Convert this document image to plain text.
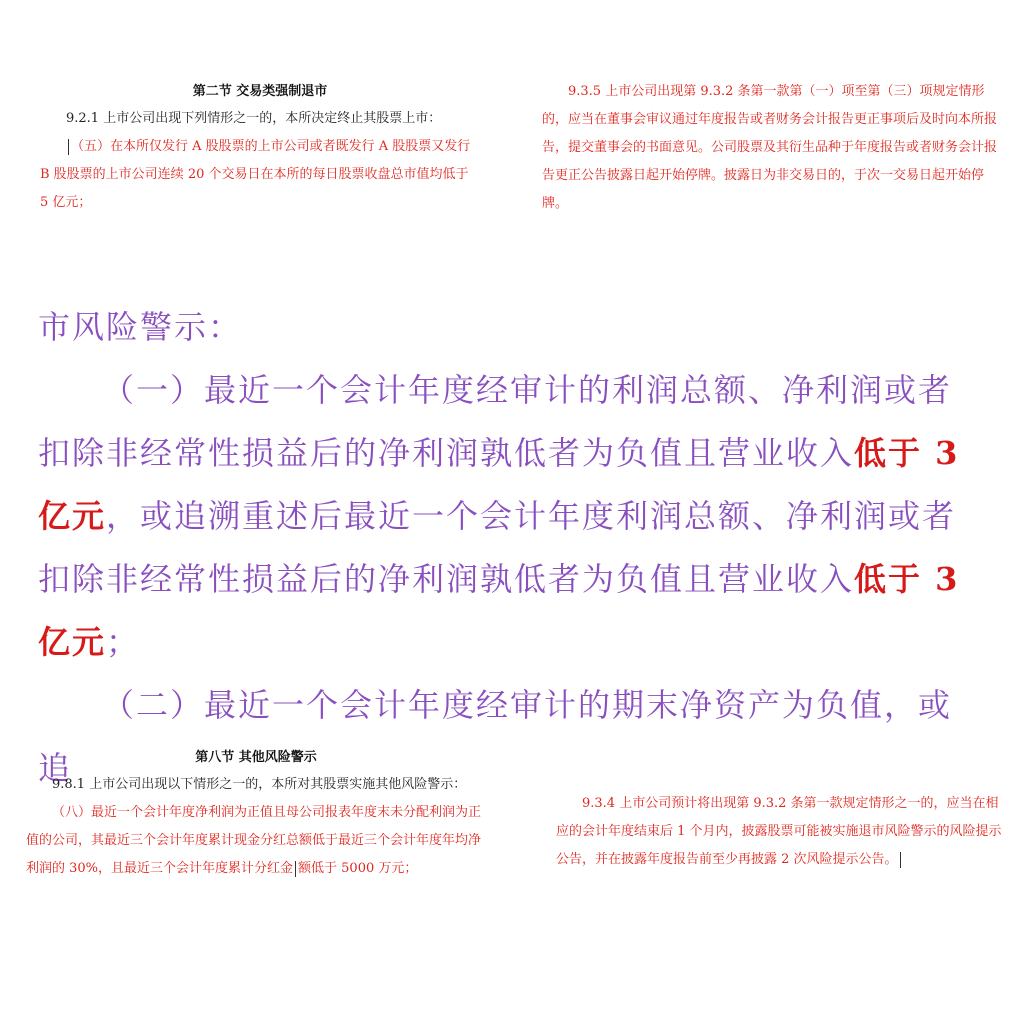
第二节 交易类强制退市
9.2.1 上市公司出现下列情形之一的，本所决定终止其股票上市：
（五）在本所仅发行 A 股股票的上市公司或者既发行 A 股股票又发行 B 股股票的上市公司连续 20 个交易日在本所的每日股票收盘总市值均低于 5 亿元；
9.3.5 上市公司出现第 9.3.2 条第一款第（一）项至第（三）项规定情形的，应当在董事会审议通过年度报告或者财务会计报告更正事项后及时向本所报告，提交董事会的书面意见。公司股票及其衍生品种于年度报告或者财务会计报告更正公告披露日起开始停牌。披露日为非交易日的，于次一交易日起开始停牌。
市风险警示：
（一）最近一个会计年度经审计的利润总额、净利润或者扣除非经常性损益后的净利润孰低者为负值且营业收入低于 3 亿元，或追溯重述后最近一个会计年度利润总额、净利润或者扣除非经常性损益后的净利润孰低者为负值且营业收入低于 3 亿元；
（二）最近一个会计年度经审计的期末净资产为负值，或追	第八节 其他风险警示
9.8.1 上市公司出现以下情形之一的，本所对其股票实施其他风险警示：
（八）最近一个会计年度净利润为正值且母公司报表年度末未分配利润为正值的公司，其最近三个会计年度累计现金分红总额低于最近三个会计年度年均净利润的 30%，且最近三个会计年度累计分红金 额低于 5000 万元；
9.3.4 上市公司预计将出现第 9.3.2 条第一款规定情形之一的，应当在相应的会计年度结束后 1 个月内，披露股票可能被实施退市风险警示的风险提示公告，并在披露年度报告前至少再披露 2 次风险提示公告。
